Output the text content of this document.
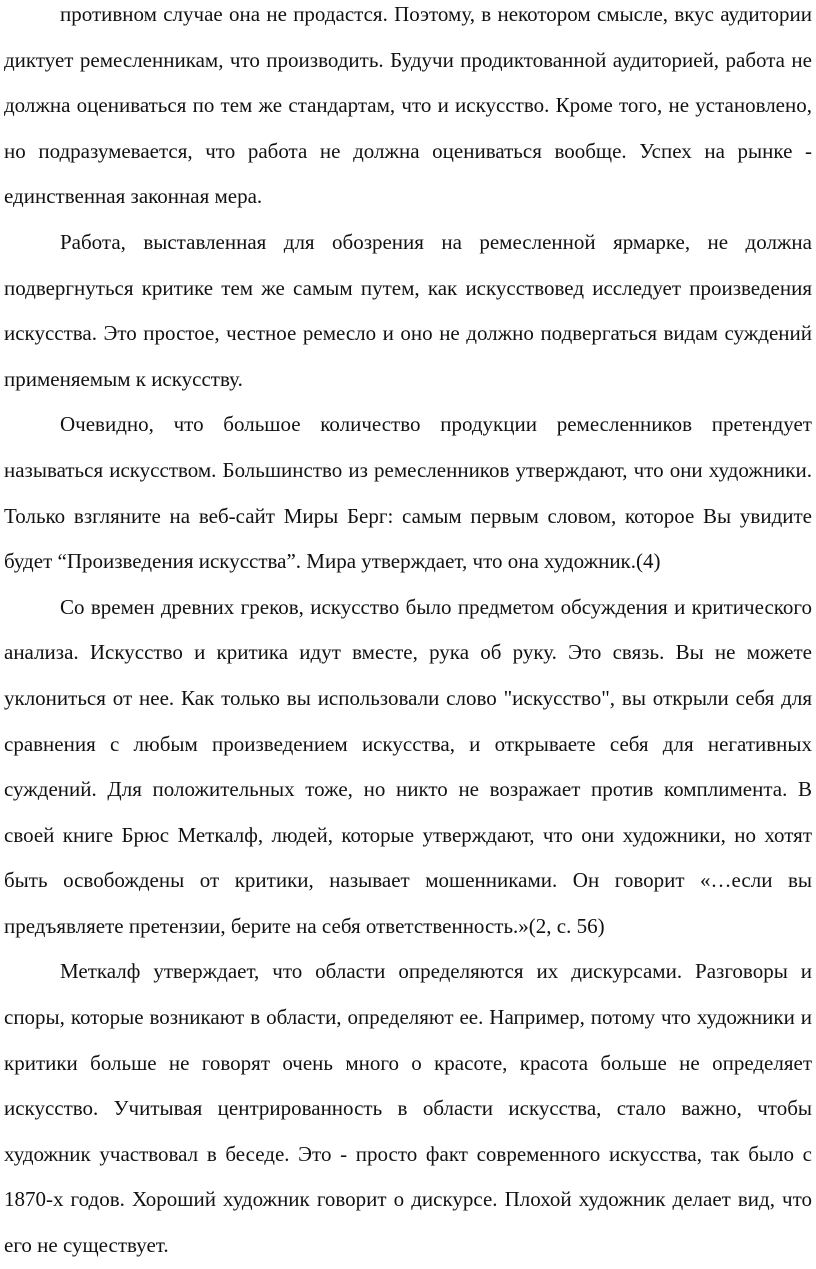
противном случае она не продастся. Поэтому, в некотором смысле, вкус аудитории диктует ремесленникам, что производить. Будучи продиктованной аудиторией, работа не должна оцениваться по тем же стандартам, что и искусство. Кроме того, не установлено, но подразумевается, что работа не должна оцениваться вообще. Успех на рынке - единственная законная мера.

Работа, выставленная для обозрения на ремесленной ярмарке, не должна подвергнуться критике тем же самым путем, как искусствовед исследует произведения искусства. Это простое, честное ремесло и оно не должно подвергаться видам суждений применяемым к искусству.

Очевидно, что большое количество продукции ремесленников претендует называться искусством. Большинство из ремесленников утверждают, что они художники. Только взгляните на веб-сайт Миры Берг: самым первым словом, которое Вы увидите будет “Произведения искусства”. Мира утверждает, что она художник.(4)

Со времен древних греков, искусство было предметом обсуждения и критического анализа. Искусство и критика идут вместе, рука об руку. Это связь. Вы не можете уклониться от нее. Как только вы использовали слово "искусство", вы открыли себя для сравнения с любым произведением искусства, и открываете себя для негативных суждений. Для положительных тоже, но никто не возражает против комплимента. В своей книге Брюс Меткалф, людей, которые утверждают, что они художники, но хотят быть освобождены от критики, называет мошенниками. Он говорит «…если вы предъявляете претензии, берите на себя ответственность.»(2, с. 56)

Меткалф утверждает, что области определяются их дискурсами. Разговоры и споры, которые возникают в области, определяют ее. Например, потому что художники и критики больше не говорят очень много о красоте, красота больше не определяет искусство. Учитывая центрированность в области искусства, стало важно, чтобы художник участвовал в беседе. Это - просто факт современного искусства, так было с 1870-х годов. Хороший художник говорит о дискурсе. Плохой художник делает вид, что его не существует.
